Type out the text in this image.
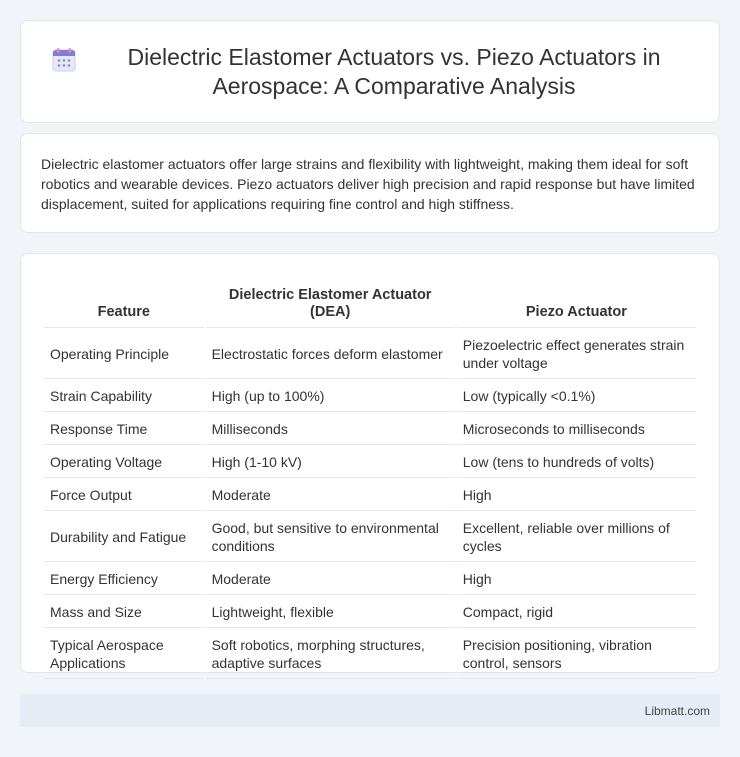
Dielectric Elastomer Actuators vs. Piezo Actuators in Aerospace: A Comparative Analysis

Dielectric elastomer actuators offer large strains and flexibility with lightweight, making them ideal for soft robotics and wearable devices. Piezo actuators deliver high precision and rapid response but have limited displacement, suited for applications requiring fine control and high stiffness.

Feature	Dielectric Elastomer Actuator (DEA)	Piezo Actuator
Operating Principle	Electrostatic forces deform elastomer	Piezoelectric effect generates strain under voltage
Strain Capability	High (up to 100%)	Low (typically <0.1%)
Response Time	Milliseconds	Microseconds to milliseconds
Operating Voltage	High (1-10 kV)	Low (tens to hundreds of volts)
Force Output	Moderate	High
Durability and Fatigue	Good, but sensitive to environmental conditions	Excellent, reliable over millions of cycles
Energy Efficiency	Moderate	High
Mass and Size	Lightweight, flexible	Compact, rigid
Typical Aerospace Applications	Soft robotics, morphing structures, adaptive surfaces	Precision positioning, vibration control, sensors
Libmatt.com
